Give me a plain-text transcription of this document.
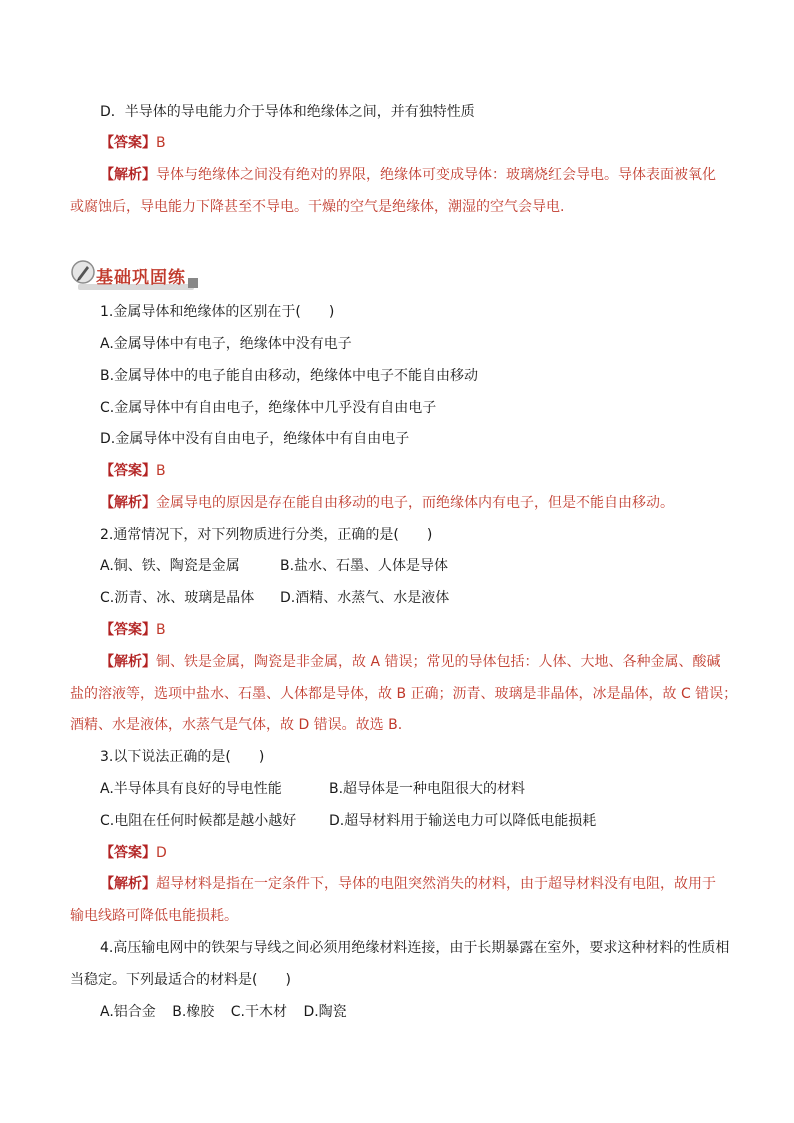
D．半导体的导电能力介于导体和绝缘体之间，并有独特性质
【答案】B
【解析】导体与绝缘体之间没有绝对的界限，绝缘体可变成导体：玻璃烧红会导电。导体表面被氧化
或腐蚀后，导电能力下降甚至不导电。干燥的空气是绝缘体，潮湿的空气会导电.
基础巩固练
1.金属导体和绝缘体的区别在于(　　)
A.金属导体中有电子，绝缘体中没有电子
B.金属导体中的电子能自由移动，绝缘体中电子不能自由移动
C.金属导体中有自由电子，绝缘体中几乎没有自由电子
D.金属导体中没有自由电子，绝缘体中有自由电子
【答案】B
【解析】金属导电的原因是存在能自由移动的电子，而绝缘体内有电子，但是不能自由移动。
2.通常情况下，对下列物质进行分类，正确的是(　　)
A.铜、铁、陶瓷是金属	B.盐水、石墨、人体是导体
C.沥青、冰、玻璃是晶体 D.酒精、水蒸气、水是液体
【答案】B
【解析】铜、铁是金属，陶瓷是非金属，故 A 错误；常见的导体包括：人体、大地、各种金属、酸碱
盐的溶液等，选项中盐水、石墨、人体都是导体，故 B 正确；沥青、玻璃是非晶体，冰是晶体，故 C 错误；
酒精、水是液体，水蒸气是气体，故 D 错误。故选 B.
3.以下说法正确的是(　　)
A.半导体具有良好的导电性能	B.超导体是一种电阻很大的材料
C.电阻在任何时候都是越小越好 D.超导材料用于输送电力可以降低电能损耗
【答案】D
【解析】超导材料是指在一定条件下，导体的电阻突然消失的材料，由于超导材料没有电阻，故用于
输电线路可降低电能损耗。
4.高压输电网中的铁架与导线之间必须用绝缘材料连接，由于长期暴露在室外，要求这种材料的性质相
当稳定。下列最适合的材料是(　　)
A.铝合金 B.橡胶 C.干木材 D.陶瓷
